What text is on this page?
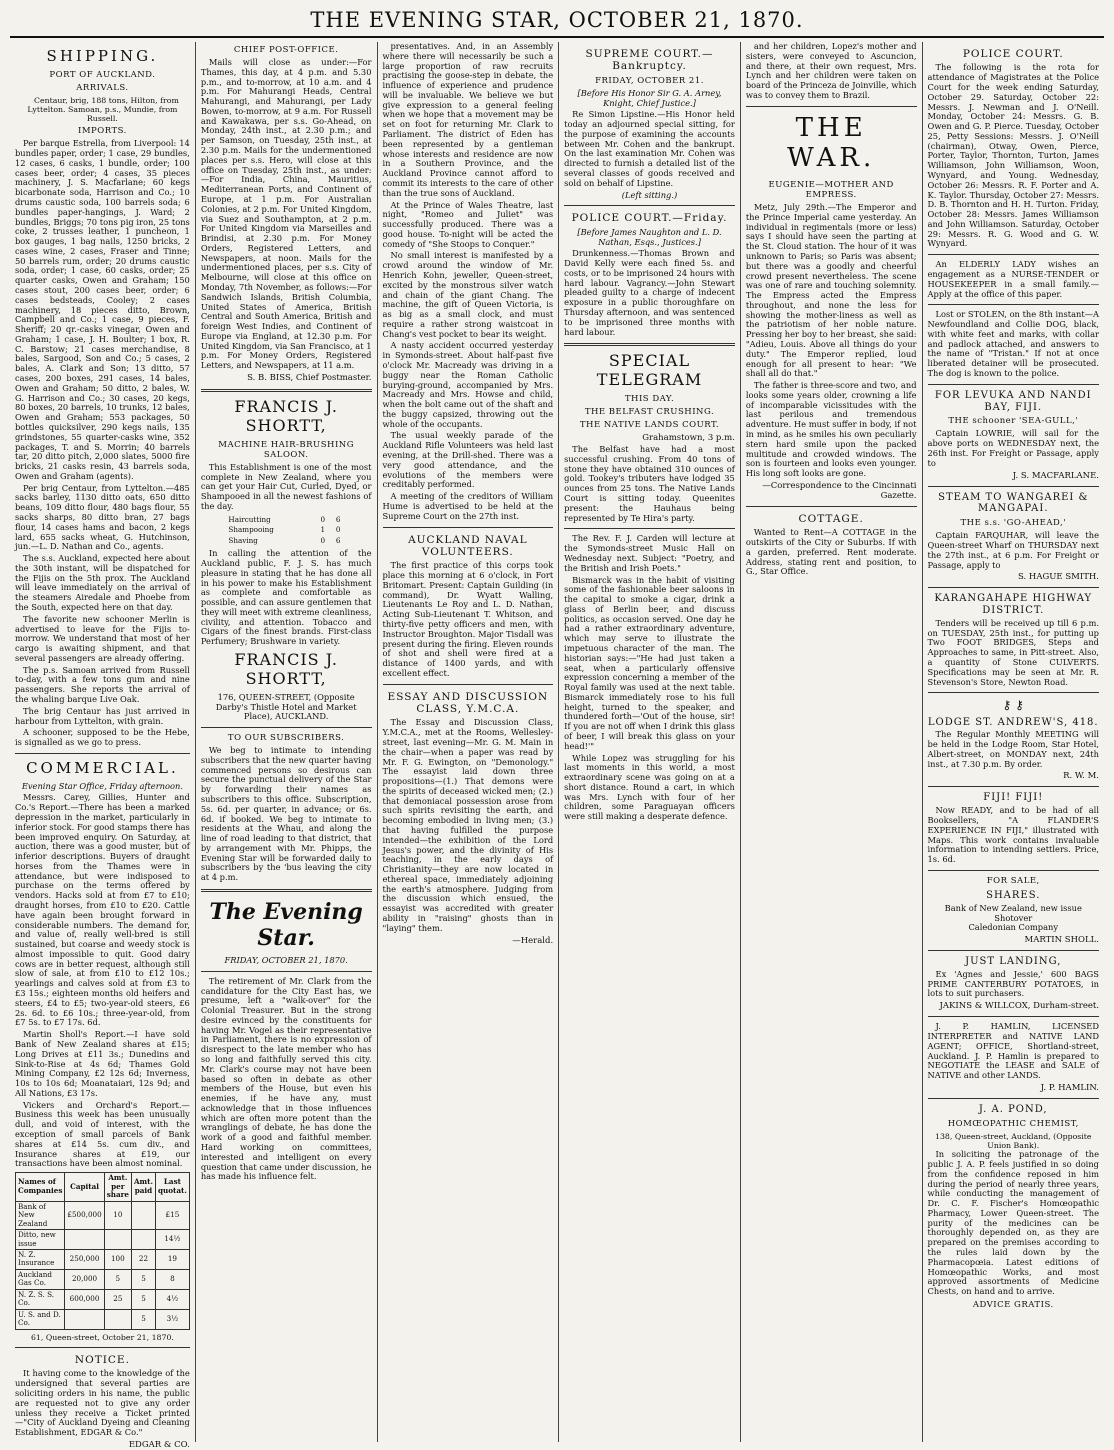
THE EVENING STAR, OCTOBER 21, 1870.
SHIPPING.
PORT OF AUCKLAND.
ARRIVALS.

Centaur, brig, 188 tons, Hilton, from Lyttelton. Samoan, p.s., Mundie, from Russell.

IMPORTS.

Per barque Estrella, from Liverpool: 14 bundles paper, order; 1 case, 29 bundles, 12 cases, 6 casks, 1 bundle, order; 100 cases beer, order; 4 cases, 35 pieces machinery, J. S. Macfarlane; 60 kegs bicarbonate soda, Harrison and Co.; 10 drums caustic soda, 100 barrels soda; 6 bundles paper-hangings, J. Ward; 2 bundles, Briggs; 70 tons pig iron, 25 tons coke, 2 trusses leather, 1 puncheon, 1 box gauges, 1 bag nails, 1250 bricks, 2 cases wine, 2 cases, Fraser and Tinne; 50 barrels rum, order; 20 drums caustic soda, order; 1 case, 60 casks, order; 25 quarter casks, Owen and Graham; 150 cases stout, 200 cases beer, order; 6 cases bedsteads, Cooley; 2 cases machinery, 18 pieces ditto, Brown, Campbell and Co.; 1 case, 9 pieces, F. Sheriff; 20 qr.-casks vinegar, Owen and Graham; 1 case, J. H. Boulter; 1 box, R. C. Barstow; 21 cases merchandise, 8 bales, Sargood, Son and Co.; 5 cases, 2 bales, A. Clark and Son; 13 ditto, 57 cases, 200 boxes, 291 cases, 14 bales, Owen and Graham; 50 ditto, 2 bales, W. G. Harrison and Co.; 30 cases, 20 kegs, 80 boxes, 20 barrels, 10 trunks, 12 bales, Owen and Graham; 553 packages, 50 bottles quicksilver, 290 kegs nails, 135 grindstones, 55 quarter-casks wine, 352 packages, T. and S. Morrin; 40 barrels tar, 20 ditto pitch, 2,000 slates, 5000 fire bricks, 21 casks resin, 43 barrels soda, Owen and Graham (agents).

Per brig Centaur, from Lyttelton.—485 sacks barley, 1130 ditto oats, 650 ditto beans, 109 ditto flour, 480 bags flour, 55 sacks sharps, 80 ditto bran, 27 bags flour, 14 cases hams and bacon, 2 kegs lard, 655 sacks wheat, G. Hutchinson, jun.—L. D. Nathan and Co., agents.

The s.s. Auckland, expected here about the 30th instant, will be dispatched for the Fijis on the 5th prox. The Auckland will leave immediately on the arrival of the steamers Airedale and Phoebe from the South, expected here on that day.

The favorite new schooner Merlin is advertised to leave for the Fijis to-morrow. We understand that most of her cargo is awaiting shipment, and that several passengers are already offering.

The p.s. Samoan arrived from Russell to-day, with a few tons gum and nine passengers. She reports the arrival of the whaling barque Live Oak.

The brig Centaur has just arrived in harbour from Lyttelton, with grain.

A schooner, supposed to be the Hebe, is signalled as we go to press.

COMMERCIAL.
Evening Star Office, Friday afternoon.

Messrs. Carey, Gillies, Hunter and Co.'s Report.—There has been a marked depression in the market, particularly in inferior stock. For good stamps there has been improved enquiry. On Saturday, at auction, there was a good muster, but of inferior descriptions. Buyers of draught horses from the Thames were in attendance, but were indisposed to purchase on the terms offered by vendors. Hacks sold at from £7 to £10; draught horses, from £10 to £20. Cattle have again been brought forward in considerable numbers. The demand for, and value of, really well-bred is still sustained, but coarse and weedy stock is almost impossible to quit. Good dairy cows are in better request, although still slow of sale, at from £10 to £12 10s.; yearlings and calves sold at from £3 to £3 15s.; eighteen months old heifers and steers, £4 to £5; two-year-old steers, £6 2s. 6d. to £6 10s.; three-year-old, from £7 5s. to £7 17s. 6d.

Martin Sholl's Report.—I have sold Bank of New Zealand shares at £15; Long Drives at £11 3s.; Dunedins and Sink-to-Rise at 4s 6d; Thames Gold Mining Company, £2 12s 6d; Inverness, 10s to 10s 6d; Moanataiari, 12s 9d; and All Nations, £3 17s.

Vickers and Orchard's Report.—Business this week has been unusually dull, and void of interest, with the exception of small parcels of Bank shares at £14 5s. cum div., and Insurance shares at £19, our transactions have been almost nominal.

Names of Companies	Capital	Amt. per share	Amt. paid	Last quotat.
Bank of New Zealand	£500,000	10		£15
Ditto, new issue				14½
N. Z. Insurance	250,000	100	22	19
Auckland Gas Co.	20,000	5	5	8
N. Z. S. S. Co.	600,000	25	5	4½
U. S. and D. Co.			5	3½
61, Queen-street, October 21, 1870.
NOTICE.

It having come to the knowledge of the undersigned that several parties are soliciting orders in his name, the public are requested not to give any order unless they receive a Ticket printed—"City of Auckland Dyeing and Cleaning Establishment, EDGAR & Co."

EDGAR & CO.
CHIEF POST-OFFICE.

Mails will close as under:—For Thames, this day, at 4 p.m. and 5.30 p.m., and to-morrow, at 10 a.m. and 4 p.m. For Mahurangi Heads, Central Mahurangi, and Mahurangi, per Lady Bowen, to-morrow, at 9 a.m. For Russell and Kawakawa, per s.s. Go-Ahead, on Monday, 24th inst., at 2.30 p.m.; and per Samson, on Tuesday, 25th inst., at 2.30 p.m. Mails for the undermentioned places per s.s. Hero, will close at this office on Tuesday, 25th inst., as under:—For India, China, Mauritius, Mediterranean Ports, and Continent of Europe, at 1 p.m. For Australian Colonies, at 2 p.m. For United Kingdom, via Suez and Southampton, at 2 p.m. For United Kingdom via Marseilles and Brindisi, at 2.30 p.m. For Money Orders, Registered Letters, and Newspapers, at noon. Mails for the undermentioned places, per s.s. City of Melbourne, will close at this office on Monday, 7th November, as follows:—For Sandwich Islands, British Columbia, United States of America, British Central and South America, British and foreign West Indies, and Continent of Europe via England, at 12.30 p.m. For United Kingdom, via San Francisco, at 1 p.m. For Money Orders, Registered Letters, and Newspapers, at 11 a.m.

S. B. BISS, Chief Postmaster.
FRANCIS J. SHORTT,
MACHINE HAIR-BRUSHING SALOON.

This Establishment is one of the most complete in New Zealand, where you can get your Hair Cut, Curled, Dyed, or Shampooed in all the newest fashions of the day.

Haircutting	0	6
Shampooing	1	0
Shaving	0	6

In calling the attention of the Auckland public, F. J. S. has much pleasure in stating that he has done all in his power to make his Establishment as complete and comfortable as possible, and can assure gentlemen that they will meet with extreme cleanliness, civility, and attention. Tobacco and Cigars of the finest brands. First-class Perfumery; Brushware in variety.

FRANCIS J. SHORTT,
176, QUEEN-STREET, (Opposite Darby's Thistle Hotel and Market Place), AUCKLAND.
TO OUR SUBSCRIBERS.

We beg to intimate to intending subscribers that the new quarter having commenced persons so desirous can secure the punctual delivery of the Star by forwarding their names as subscribers to this office. Subscription, 5s. 6d. per quarter, in advance; or 6s. 6d. if booked. We beg to intimate to residents at the Whau, and along the line of road leading to that district, that by arrangement with Mr. Phipps, the Evening Star will be forwarded daily to subscribers by the 'bus leaving the city at 4 p.m.

The Evening Star.
FRIDAY, OCTOBER 21, 1870.

The retirement of Mr. Clark from the candidature for the City East has, we presume, left a "walk-over" for the Colonial Treasurer. But in the strong desire evinced by the constituents for having Mr. Vogel as their representative in Parliament, there is no expression of disrespect to the late member who has so long and faithfully served this city. Mr. Clark's course may not have been based so often in debate as other members of the House, but even his enemies, if he have any, must acknowledge that in those influences which are often more potent than the wranglings of debate, he has done the work of a good and faithful member. Hard working on committees, interested and intelligent on every question that came under discussion, he has made his influence felt.

presentatives. And, in an Assembly where there will necessarily be such a large proportion of raw recruits practising the goose-step in debate, the influence of experience and prudence will be invaluable. We believe we but give expression to a general feeling when we hope that a movement may be set on foot for returning Mr. Clark to Parliament. The district of Eden has been represented by a gentleman whose interests and residence are now in a Southern Province, and the Auckland Province cannot afford to commit its interests to the care of other than the true sons of Auckland.

At the Prince of Wales Theatre, last night, "Romeo and Juliet" was successfully produced. There was a good house. To-night will be acted the comedy of "She Stoops to Conquer."

No small interest is manifested by a crowd around the window of Mr. Henrich Kohn, jeweller, Queen-street, excited by the monstrous silver watch and chain of the giant Chang. The machine, the gift of Queen Victoria, is as big as a small clock, and must require a rather strong waistcoat in Chang's vest pocket to bear its weight.

A nasty accident occurred yesterday in Symonds-street. About half-past five o'clock Mr. Macready was driving in a buggy near the Roman Catholic burying-ground, accompanied by Mrs. Macready and Mrs. Howse and child, when the bolt came out of the shaft and the buggy capsized, throwing out the whole of the occupants.

The usual weekly parade of the Auckland Rifle Volunteers was held last evening, at the Drill-shed. There was a very good attendance, and the evolutions of the members were creditably performed.

A meeting of the creditors of William Hume is advertised to be held at the Supreme Court on the 27th inst.

AUCKLAND NAVAL VOLUNTEERS.

The first practice of this corps took place this morning at 6 o'clock, in Fort Britomart. Present: Captain Guilding (in command), Dr. Wyatt Walling, Lieutenants Le Roy and L. D. Nathan, Acting Sub-Lieutenant T. Whitson, and thirty-five petty officers and men, with Instructor Broughton. Major Tisdall was present during the firing. Eleven rounds of shot and shell were fired at a distance of 1400 yards, and with excellent effect.

ESSAY AND DISCUSSION CLASS, Y.M.C.A.

The Essay and Discussion Class, Y.M.C.A., met at the Rooms, Wellesley-street, last evening—Mr. G. M. Main in the chair—when a paper was read by Mr. F. G. Ewington, on "Demonology." The essayist laid down three propositions—(1.) That demons were the spirits of deceased wicked men; (2.) that demoniacal possession arose from such spirits revisiting the earth, and becoming embodied in living men; (3.) that having fulfilled the purpose intended—the exhibition of the Lord Jesus's power, and the divinity of His teaching, in the early days of Christianity—they are now located in ethereal space, immediately adjoining the earth's atmosphere. Judging from the discussion which ensued, the essayist was accredited with greater ability in "raising" ghosts than in "laying" them.

—Herald.
SUPREME COURT.—Bankruptcy.
FRIDAY, OCTOBER 21.
[Before His Honor Sir G. A. Arney, Knight, Chief Justice.]

Re Simon Lipstine.—His Honor held today an adjourned special sitting, for the purpose of examining the accounts between Mr. Cohen and the bankrupt. On the last examination Mr. Cohen was directed to furnish a detailed list of the several classes of goods received and sold on behalf of Lipstine.

(Left sitting.)
POLICE COURT.—Friday.
[Before James Naughton and L. D. Nathan, Esqs., Justices.]

Drunkenness.—Thomas Brown and David Kelly were each fined 5s. and costs, or to be imprisoned 24 hours with hard labour. Vagrancy.—John Stewart pleaded guilty to a charge of indecent exposure in a public thoroughfare on Thursday afternoon, and was sentenced to be imprisoned three months with hard labour.

SPECIAL TELEGRAM
THIS DAY.
THE BELFAST CRUSHING.
THE NATIVE LANDS COURT.
Grahamstown, 3 p.m.

The Belfast have had a most successful crushing. From 40 tons of stone they have obtained 310 ounces of gold. Tookey's tributers have lodged 35 ounces from 25 tons. The Native Lands Court is sitting today. Queenites present: the Hauhaus being represented by Te Hira's party.

The Rev. F. J. Carden will lecture at the Symonds-street Music Hall on Wednesday next. Subject: "Poetry, and the British and Irish Poets."

Bismarck was in the habit of visiting some of the fashionable beer saloons in the capital to smoke a cigar, drink a glass of Berlin beer, and discuss politics, as occasion served. One day he had a rather extraordinary adventure, which may serve to illustrate the impetuous character of the man. The historian says:—"He had just taken a seat, when a particularly offensive expression concerning a member of the Royal family was used at the next table. Bismarck immediately rose to his full height, turned to the speaker, and thundered forth—'Out of the house, sir! If you are not off when I drink this glass of beer, I will break this glass on your head!'"

While Lopez was struggling for his last moments in this world, a most extraordinary scene was going on at a short distance. Round a cart, in which was Mrs. Lynch with four of her children, some Paraguayan officers were still making a desperate defence.

and her children, Lopez's mother and sisters, were conveyed to Ascuncion, and there, at their own request, Mrs. Lynch and her children were taken on board of the Princeza de Joinville, which was to convey them to Brazil.

THE WAR.
EUGENIE—MOTHER AND EMPRESS.

Metz, July 29th.—The Emperor and the Prince Imperial came yesterday. An individual in regimentals (more or less) says I should have seen the parting at the St. Cloud station. The hour of it was unknown to Paris; so Paris was absent; but there was a goodly and cheerful crowd present nevertheless. The scene was one of rare and touching solemnity. The Empress acted the Empress throughout, and none the less for showing the mother-liness as well as the patriotism of her noble nature. Pressing her boy to her breast, she said: "Adieu, Louis. Above all things do your duty." The Emperor replied, loud enough for all present to hear: "We shall all do that."

The father is three-score and two, and looks some years older, crowning a life of incomparable vicissitudes with the last perilous and tremendous adventure. He must suffer in body, if not in mind, as he smiles his own peculiarly stern hard smile upon the packed multitude and crowded windows. The son is fourteen and looks even younger. His long soft looks are gone.

—Correspondence to the Cincinnati Gazette.
COTTAGE.

Wanted to Rent—A COTTAGE in the outskirts of the City or Suburbs. If with a garden, preferred. Rent moderate. Address, stating rent and position, to G., Star Office.

POLICE COURT.

The following is the rota for attendance of Magistrates at the Police Court for the week ending Saturday, October 29. Saturday, October 22: Messrs. J. Newman and J. O'Neill. Monday, October 24: Messrs. G. B. Owen and G. P. Pierce. Tuesday, October 25, Petty Sessions: Messrs. J. O'Neill (chairman), Otway, Owen, Pierce, Porter, Taylor, Thornton, Turton, James Williamson, John Williamson, Woon, Wynyard, and Young. Wednesday, October 26: Messrs. R. F. Porter and A. K. Taylor. Thursday, October 27: Messrs. D. B. Thornton and H. H. Turton. Friday, October 28: Messrs. James Williamson and John Williamson. Saturday, October 29: Messrs. R. G. Wood and G. W. Wynyard.

An ELDERLY LADY wishes an engagement as a NURSE-TENDER or HOUSEKEEPER in a small family.—Apply at the office of this paper.

Lost or STOLEN, on the 8th instant—A Newfoundland and Collie DOG, black, with white feet and marks, with collar and padlock attached, and answers to the name of "Tristan." If not at once liberated detainer will be prosecuted. The dog is known to the police.

FOR LEVUKA AND NANDI BAY, FIJI.
THE schooner 'SEA-GULL,'

Captain LOWRIE, will sail for the above ports on WEDNESDAY next, the 26th inst. For Freight or Passage, apply to

J. S. MACFARLANE.
STEAM TO WANGAREI & MANGAPAI.
THE s.s. 'GO-AHEAD,'

Captain FARQUHAR, will leave the Queen-street Wharf on THURSDAY next the 27th inst., at 6 p.m. For Freight or Passage, apply to

S. HAGUE SMITH.
KARANGAHAPE HIGHWAY DISTRICT.

Tenders will be received up till 6 p.m. on TUESDAY, 25th inst., for putting up Two FOOT BRIDGES, Steps and Approaches to same, in Pitt-street. Also, a quantity of Stone CULVERTS. Specifications may be seen at Mr. R. Stevenson's Store, Newton Road.

⚷ ⚷
LODGE ST. ANDREW'S, 418.

The Regular Monthly MEETING will be held in the Lodge Room, Star Hotel, Albert-street, on MONDAY next, 24th inst., at 7.30 p.m. By order.

R. W. M.
FIJI! FIJI!

Now READY, and to be had of all Booksellers, "A FLANDER'S EXPERIENCE IN FIJI," illustrated with Maps. This work contains invaluable information to intending settlers. Price, 1s. 6d.

FOR SALE,
SHARES.
Bank of New Zealand, new issue
Shotover
Caledonian Company
MARTIN SHOLL.
JUST LANDING,

Ex 'Agnes and Jessie,' 600 BAGS PRIME CANTERBURY POTATOES, in lots to suit purchasers.

JAKINS & WILLCOX, Durham-street.

J. P. HAMLIN, LICENSED INTERPRETER and NATIVE LAND AGENT; OFFICE, Shortland-street, Auckland. J. P. Hamlin is prepared to NEGOTIATE the LEASE and SALE of NATIVE and other LANDS.

J. P. HAMLIN.
J. A. POND,
HOMŒOPATHIC CHEMIST,
138, Queen-street, Auckland, (Opposite Union Bank).

In soliciting the patronage of the public J. A. P. feels justified in so doing from the confidence reposed in him during the period of nearly three years, while conducting the management of Dr. C. F. Fischer's Homœopathic Pharmacy, Lower Queen-street. The purity of the medicines can be thoroughly depended on, as they are prepared on the premises according to the rules laid down by the Pharmacopœia. Latest editions of Homœopathic Works, and most approved assortments of Medicine Chests, on hand and to arrive.

ADVICE GRATIS.
